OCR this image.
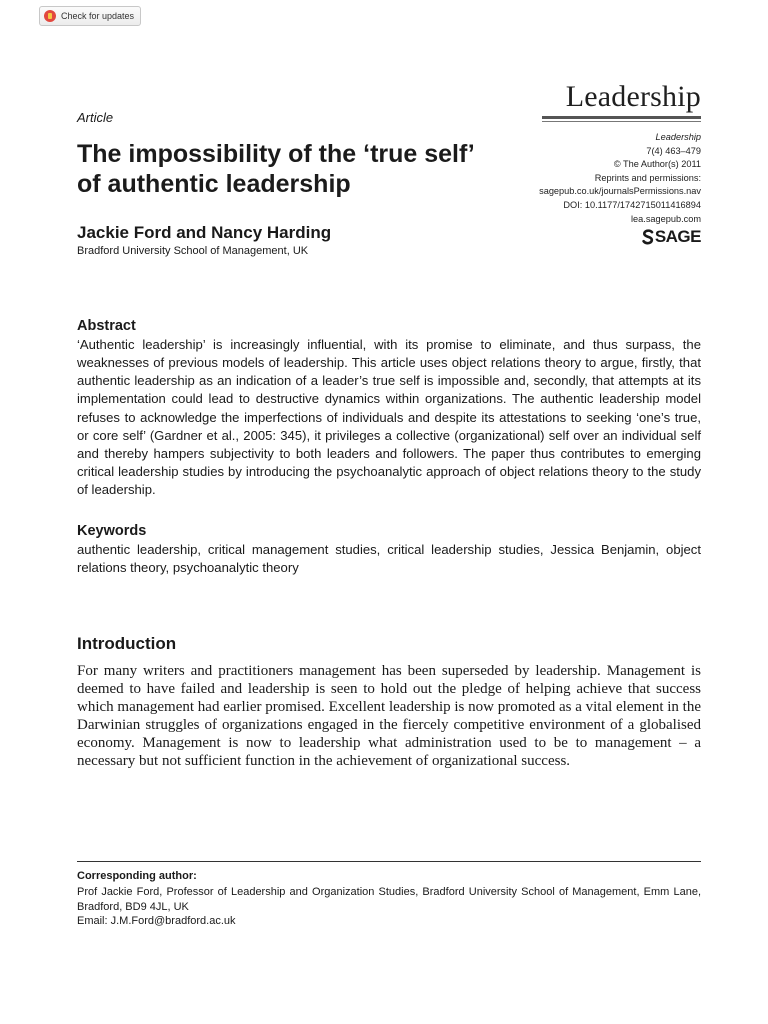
Check for updates
Leadership
Article
Leadership
7(4) 463–479
© The Author(s) 2011
Reprints and permissions:
sagepub.co.uk/journalsPermissions.nav
DOI: 10.1177/1742715011416894
lea.sagepub.com
SAGE
The impossibility of the ‘true self’ of authentic leadership
Jackie Ford and Nancy Harding
Bradford University School of Management, UK
Abstract
‘Authentic leadership’ is increasingly influential, with its promise to eliminate, and thus surpass, the weaknesses of previous models of leadership. This article uses object relations theory to argue, firstly, that authentic leadership as an indication of a leader’s true self is impossible and, secondly, that attempts at its implementation could lead to destructive dynamics within organizations. The authentic leadership model refuses to acknowledge the imperfections of individuals and despite its attestations to seeking ‘one’s true, or core self’ (Gardner et al., 2005: 345), it privileges a collective (organizational) self over an individual self and thereby hampers subjectivity to both leaders and followers. The paper thus contributes to emerging critical leadership studies by introducing the psychoanalytic approach of object relations theory to the study of leadership.
Keywords
authentic leadership, critical management studies, critical leadership studies, Jessica Benjamin, object relations theory, psychoanalytic theory
Introduction
For many writers and practitioners management has been superseded by leadership. Management is deemed to have failed and leadership is seen to hold out the pledge of helping achieve that success which management had earlier promised. Excellent leadership is now promoted as a vital element in the Darwinian struggles of organizations engaged in the fiercely competitive environment of a globalised economy. Management is now to leadership what administration used to be to management – a necessary but not sufficient function in the achievement of organizational success.
Corresponding author:
Prof Jackie Ford, Professor of Leadership and Organization Studies, Bradford University School of Management, Emm Lane, Bradford, BD9 4JL, UK
Email: J.M.Ford@bradford.ac.uk
